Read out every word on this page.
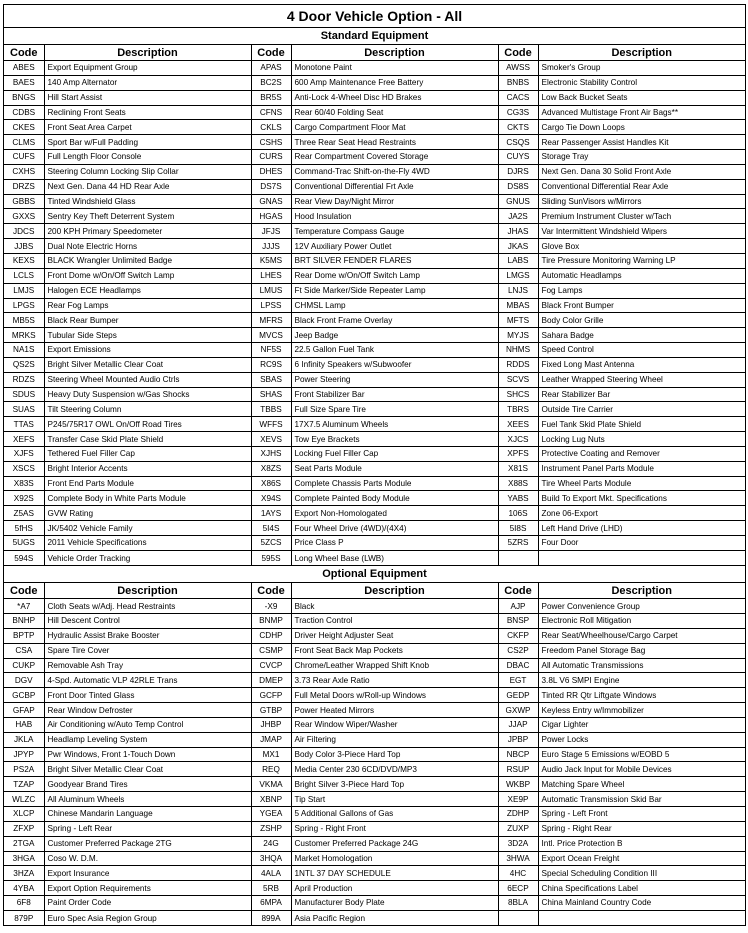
4 Door Vehicle Option - All
Standard Equipment
Code	Description	Code	Description	Code	Description
ABES	Export Equipment Group	APAS	Monotone Paint	AWSS	Smoker's Group
BAES	140 Amp Alternator	BC2S	600 Amp Maintenance Free Battery	BNBS	Electronic Stability Control
BNGS	Hill Start Assist	BR5S	Anti-Lock 4-Wheel Disc HD Brakes	CACS	Low Back Bucket Seats
CDBS	Reclining Front Seats	CFNS	Rear 60/40 Folding Seat	CG3S	Advanced Multistage Front Air Bags**
CKES	Front Seat Area Carpet	CKLS	Cargo Compartment Floor Mat	CKTS	Cargo Tie Down Loops
CLMS	Sport Bar w/Full Padding	CSHS	Three Rear Seat Head Restraints	CSQS	Rear Passenger Assist Handles Kit
CUFS	Full Length Floor Console	CURS	Rear Compartment Covered Storage	CUYS	Storage Tray
CXHS	Steering Column Locking Slip Collar	DHES	Command-Trac Shift-on-the-Fly 4WD	DJRS	Next Gen. Dana 30 Solid Front Axle
DRZS	Next Gen. Dana 44 HD Rear Axle	DS7S	Conventional Differential Frt Axle	DS8S	Conventional Differential Rear Axle
GBBS	Tinted Windshield Glass	GNAS	Rear View Day/Night Mirror	GNUS	Sliding SunVisors w/Mirrors
GXXS	Sentry Key Theft Deterrent System	HGAS	Hood Insulation	JA2S	Premium Instrument Cluster w/Tach
JDCS	200 KPH Primary Speedometer	JFJS	Temperature Compass Gauge	JHAS	Var Intermittent Windshield Wipers
JJBS	Dual Note Electric Horns	JJJS	12V Auxiliary Power Outlet	JKAS	Glove Box
KEXS	BLACK Wrangler Unlimited Badge	K5MS	BRT SILVER FENDER FLARES	LABS	Tire Pressure Monitoring Warning LP
LCLS	Front Dome w/On/Off Switch Lamp	LHES	Rear Dome w/On/Off Switch Lamp	LMGS	Automatic Headlamps
LMJS	Halogen ECE Headlamps	LMUS	Ft Side Marker/Side Repeater Lamp	LNJS	Fog Lamps
LPGS	Rear Fog Lamps	LPSS	CHMSL Lamp	MBAS	Black Front Bumper
MB5S	Black Rear Bumper	MFRS	Black Front Frame Overlay	MFTS	Body Color Grille
MRKS	Tubular Side Steps	MVCS	Jeep Badge	MYJS	Sahara Badge
NA1S	Export Emissions	NF5S	22.5 Gallon Fuel Tank	NHMS	Speed Control
QS2S	Bright Silver Metallic Clear Coat	RC9S	6 Infinity Speakers w/Subwoofer	RDDS	Fixed Long Mast Antenna
RDZS	Steering Wheel Mounted Audio Ctrls	SBAS	Power Steering	SCVS	Leather Wrapped Steering Wheel
SDUS	Heavy Duty Suspension w/Gas Shocks	SHAS	Front Stabilizer Bar	SHCS	Rear Stabilizer Bar
SUAS	Tilt Steering Column	TBBS	Full Size Spare Tire	TBRS	Outside Tire Carrier
TTAS	P245/75R17 OWL On/Off Road Tires	WFFS	17X7.5 Aluminum Wheels	XEES	Fuel Tank Skid Plate Shield
XEFS	Transfer Case Skid Plate Shield	XEVS	Tow Eye Brackets	XJCS	Locking Lug Nuts
XJFS	Tethered Fuel Filler Cap	XJHS	Locking Fuel Filler Cap	XPFS	Protective Coating and Remover
XSCS	Bright Interior Accents	X8ZS	Seat Parts Module	X81S	Instrument Panel Parts Module
X83S	Front End Parts Module	X86S	Complete Chassis Parts Module	X88S	Tire Wheel Parts Module
X92S	Complete Body in White Parts Module	X94S	Complete Painted Body Module	YABS	Build To Export Mkt. Specifications
Z5AS	GVW Rating	1AYS	Export Non-Homologated	106S	Zone 06-Export
5fHS	JK/5402 Vehicle Family	5I4S	Four Wheel Drive (4WD)/(4X4)	5I8S	Left Hand Drive (LHD)
5UGS	2011 Vehicle Specifications	5ZCS	Price Class P	5ZRS	Four Door
594S	Vehicle Order Tracking	595S	Long Wheel Base (LWB)		
Optional Equipment
Code	Description	Code	Description	Code	Description
*A7	Cloth Seats w/Adj. Head Restraints	-X9	Black	AJP	Power Convenience Group
BNHP	Hill Descent Control	BNMP	Traction Control	BNSP	Electronic Roll Mitigation
BPTP	Hydraulic Assist Brake Booster	CDHP	Driver Height Adjuster Seat	CKFP	Rear Seat/Wheelhouse/Cargo Carpet
CSA	Spare Tire Cover	CSMP	Front Seat Back Map Pockets	CS2P	Freedom Panel Storage Bag
CUKP	Removable Ash Tray	CVCP	Chrome/Leather Wrapped Shift Knob	DBAC	All Automatic Transmissions
DGV	4-Spd. Automatic VLP 42RLE Trans	DMEP	3.73 Rear Axle Ratio	EGT	3.8L V6 SMPI Engine
GCBP	Front Door Tinted Glass	GCFP	Full Metal Doors w/Roll-up Windows	GEDP	Tinted RR Qtr Liftgate Windows
GFAP	Rear Window Defroster	GTBP	Power Heated Mirrors	GXWP	Keyless Entry w/Immobilizer
HAB	Air Conditioning w/Auto Temp Control	JHBP	Rear Window Wiper/Washer	JJAP	Cigar Lighter
JKLA	Headlamp Leveling System	JMAP	Air Filtering	JPBP	Power Locks
JPYP	Pwr Windows, Front 1-Touch Down	MX1	Body Color 3-Piece Hard Top	NBCP	Euro Stage 5 Emissions w/EOBD 5
PS2A	Bright Silver Metallic Clear Coat	REQ	Media Center 230 6CD/DVD/MP3	RSUP	Audio Jack Input for Mobile Devices
TZAP	Goodyear Brand Tires	VKMA	Bright Silver 3-Piece Hard Top	WKBP	Matching Spare Wheel
WLZC	All Aluminum Wheels	XBNP	Tip Start	XE9P	Automatic Transmission Skid Bar
XLCP	Chinese Mandarin Language	YGEA	5 Additional Gallons of Gas	ZDHP	Spring - Left Front
ZFXP	Spring - Left Rear	ZSHP	Spring - Right Front	ZUXP	Spring - Right Rear
2TGA	Customer Preferred Package 2TG	24G	Customer Preferred Package 24G	3D2A	Intl. Price Protection B
3HGA	Coso W. D.M.	3HQA	Market Homologation	3HWA	Export Ocean Freight
3HZA	Export Insurance	4ALA	1NTL 37 DAY SCHEDULE	4HC	Special Scheduling Condition III
4YBA	Export Option Requirements	5RB	April Production	6ECP	China Specifications Label
6F8	Paint Order Code	6MPA	Manufacturer Body Plate	8BLA	China Mainland Country Code
879P	Euro Spec Asia Region Group	899A	Asia Pacific Region		
